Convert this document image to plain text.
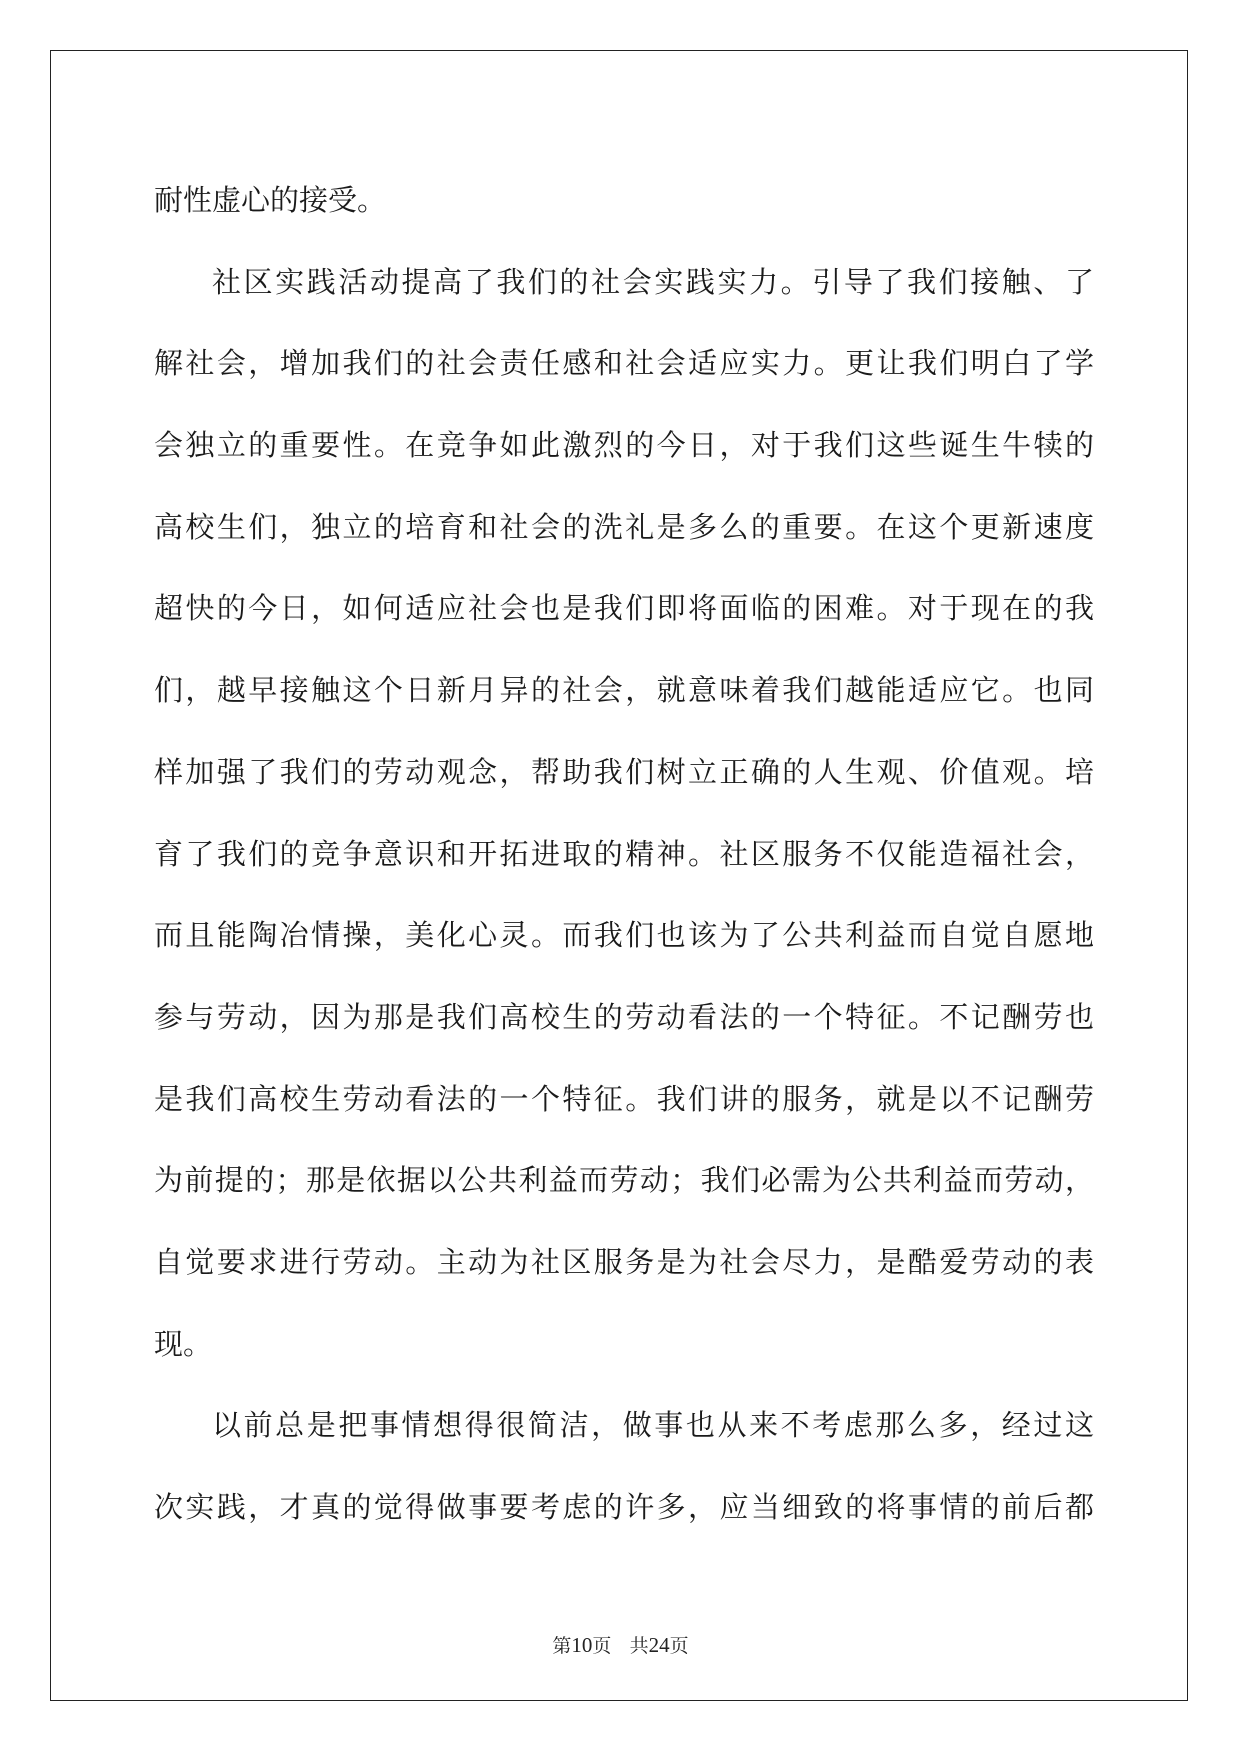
耐性虚心的接受。
社区实践活动提高了我们的社会实践实力。引导了我们接触、了
解社会，增加我们的社会责任感和社会适应实力。更让我们明白了学
会独立的重要性。在竞争如此激烈的今日，对于我们这些诞生牛犊的
高校生们，独立的培育和社会的洗礼是多么的重要。在这个更新速度
超快的今日，如何适应社会也是我们即将面临的困难。对于现在的我
们，越早接触这个日新月异的社会，就意味着我们越能适应它。也同
样加强了我们的劳动观念，帮助我们树立正确的人生观、价值观。培
育了我们的竞争意识和开拓进取的精神。社区服务不仅能造福社会，
而且能陶冶情操，美化心灵。而我们也该为了公共利益而自觉自愿地
参与劳动，因为那是我们高校生的劳动看法的一个特征。不记酬劳也
是我们高校生劳动看法的一个特征。我们讲的服务，就是以不记酬劳
为前提的；那是依据以公共利益而劳动；我们必需为公共利益而劳动，
自觉要求进行劳动。主动为社区服务是为社会尽力，是酷爱劳动的表
现。
以前总是把事情想得很简洁，做事也从来不考虑那么多，经过这
次实践，才真的觉得做事要考虑的许多，应当细致的将事情的前后都
第10页 共24页
